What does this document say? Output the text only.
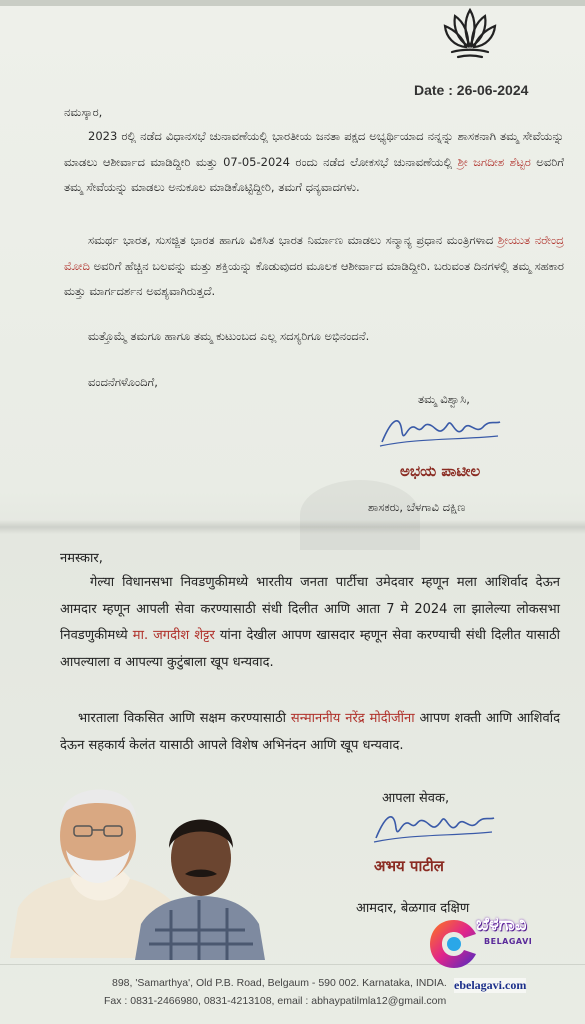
Date : 26-06-2024
ನಮಸ್ಕಾರ,
2023 ರಲ್ಲಿ ನಡೆದ ವಿಧಾನಸಭೆ ಚುನಾವಣೆಯಲ್ಲಿ ಭಾರತೀಯ ಜನತಾ ಪಕ್ಷದ ಅಭ್ಯರ್ಥಿಯಾದ ನನ್ನನ್ನು ಶಾಸಕನಾಗಿ ತಮ್ಮ ಸೇವೆಯನ್ನು ಮಾಡಲು ಆಶೀರ್ವಾದ ಮಾಡಿದ್ದೀರಿ ಮತ್ತು 07-05-2024 ರಂದು ನಡೆದ ಲೋಕಸಭೆ ಚುನಾವಣೆಯಲ್ಲಿ ಶ್ರೀ ಜಗದೀಶ ಶೆಟ್ಟರ ಅವರಿಗೆ ತಮ್ಮ ಸೇವೆಯನ್ನು ಮಾಡಲು ಅನುಕೂಲ ಮಾಡಿಕೊಟ್ಟಿದ್ದೀರಿ, ತಮಗೆ ಧನ್ಯವಾದಗಳು.
ಸಮರ್ಥ ಭಾರತ, ಸುಸಜ್ಜಿತ ಭಾರತ ಹಾಗೂ ವಿಕಸಿತ ಭಾರತ ನಿರ್ಮಾಣ ಮಾಡಲು ಸನ್ಮಾನ್ಯ ಪ್ರಧಾನ ಮಂತ್ರಿಗಳಾದ ಶ್ರೀಯುತ ನರೇಂದ್ರ ಮೋದಿ ಅವರಿಗೆ ಹೆಚ್ಚಿನ ಬಲವನ್ನು ಮತ್ತು ಶಕ್ತಿಯನ್ನು ಕೊಡುವುದರ ಮೂಲಕ ಆಶೀರ್ವಾದ ಮಾಡಿದ್ದೀರಿ. ಬರುವಂತ ದಿನಗಳಲ್ಲಿ ತಮ್ಮ ಸಹಕಾರ ಮತ್ತು ಮಾರ್ಗದರ್ಶನ ಅವಶ್ಯವಾಗಿರುತ್ತದೆ.
ಮತ್ತೊಮ್ಮೆ ತಮಗೂ ಹಾಗೂ ತಮ್ಮ ಕುಟುಂಬದ ಎಲ್ಲ ಸದಸ್ಯರಿಗೂ ಅಭಿನಂದನೆ.
ವಂದನೆಗಳೊಂದಿಗೆ,
ತಮ್ಮ ವಿಶ್ವಾಸಿ,
ಅಭಯ ಪಾಟೀಲ
ಶಾಸಕರು, ಬೆಳಗಾವಿ ದಕ್ಷಿಣ
नमस्कार,
गेल्या विधानसभा निवडणुकीमध्ये भारतीय जनता पार्टीचा उमेदवार म्हणून मला आशिर्वाद देऊन आमदार म्हणून आपली सेवा करण्यासाठी संधी दिलीत आणि आता 7 मे 2024 ला झालेल्या लोकसभा निवडणुकीमध्ये मा. जगदीश शेट्टर यांना देखील आपण खासदार म्हणून सेवा करण्याची संधी दिलीत यासाठी आपल्याला व आपल्या कुटुंबाला खूप धन्यवाद.
भारताला विकसित आणि सक्षम करण्यासाठी सन्माननीय नरेंद्र मोदीजींना आपण शक्ती आणि आशिर्वाद देऊन सहकार्य केलंत यासाठी आपले विशेष अभिनंदन आणि खूप धन्यवाद.
आपला सेवक,
अभय पाटील
आमदार, बेळगाव दक्षिण
898, 'Samarthya', Old P.B. Road, Belgaum - 590 002. Karnataka, INDIA.
Fax : 0831-2466980, 0831-4213108, email : abhaypatilmla12@gmail.com
ಬೆಳಗಾವಿ
BELAGAVI
ebelagavi.com
